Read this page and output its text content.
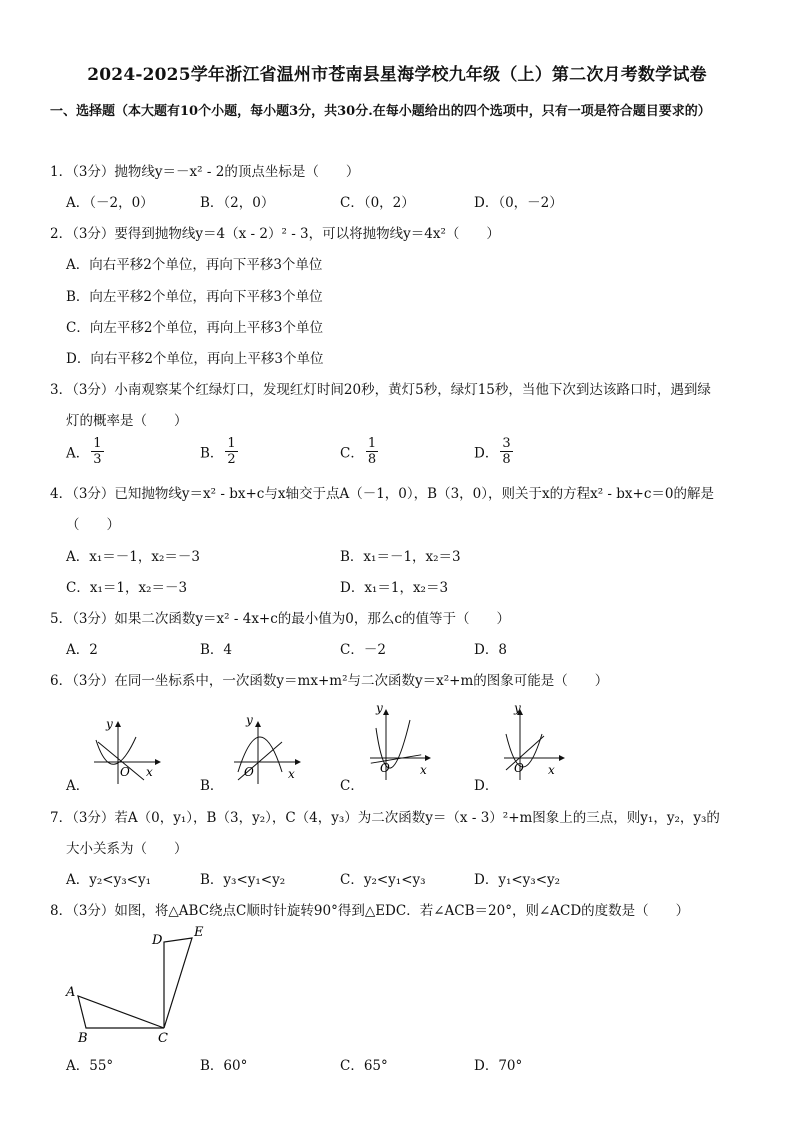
2024-2025学年浙江省温州市苍南县星海学校九年级（上）第二次月考数学试卷
一、选择题（本大题有10个小题，每小题3分，共30分.在每小题给出的四个选项中，只有一项是符合题目要求的）
1．（3分）抛物线y＝－x² - 2的顶点坐标是（　　）
A．（－2，0）	B．（2，0）	C．（0，2）	D．（0，－2）
2．（3分）要得到抛物线y＝4（x - 2）² - 3，可以将抛物线y＝4x²（　　）
A．向右平移2个单位，再向下平移3个单位
B．向左平移2个单位，再向下平移3个单位
C．向左平移2个单位，再向上平移3个单位
D．向右平移2个单位，再向上平移3个单位
3．（3分）小南观察某个红绿灯口，发现红灯时间20秒，黄灯5秒，绿灯15秒，当他下次到达该路口时，遇到绿
灯的概率是（　　）
A． $\frac{1}{3}$	B． $\frac{1}{2}$	C． $\frac{1}{8}$	D． $\frac{3}{8}$
4．（3分）已知抛物线y＝x² - bx+c与x轴交于点A（－1，0），B（3，0），则关于x的方程x² - bx+c＝0的解是
（　　）
A．x₁＝－1，x₂＝－3	B．x₁＝－1，x₂＝3
C．x₁＝1，x₂＝－3	D．x₁＝1，x₂＝3
5．（3分）如果二次函数y＝x² - 4x+c的最小值为0，那么c的值等于（　　）
A．2	B．4	C．－2	D．8
6．（3分）在同一坐标系中，一次函数y＝mx+m²与二次函数y＝x²+m的图象可能是（　　）
A．
y
x
O
B．
y
x
O
C．
y
x
O
D．
y
x
O
7．（3分）若A（0，y₁），B（3，y₂），C（4，y₃）为二次函数y＝（x - 3）²+m图象上的三点，则y₁，y₂，y₃的
大小关系为（　　）
A．y₂<y₃<y₁	B．y₃<y₁<y₂	C．y₂<y₁<y₃	D．y₁<y₃<y₂
8．（3分）如图，将△ABC绕点C顺时针旋转90°得到△EDC．若∠ACB＝20°，则∠ACD的度数是（　　）
A
B	C
D
E
A．55°	B．60°	C．65°	D．70°
